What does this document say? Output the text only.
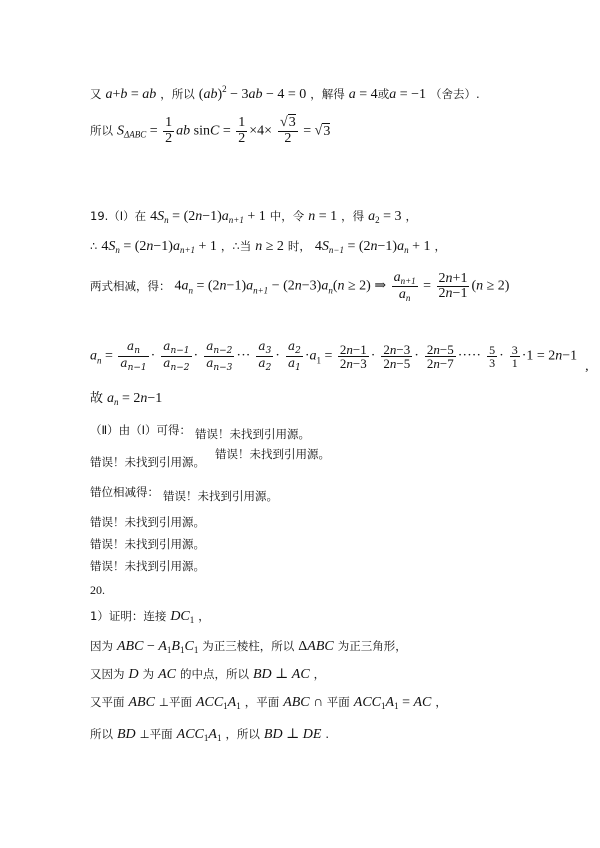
又 a+b = ab ，所以 (ab)$^2$ − 3ab − 4 = 0 ，解得 a = 4或a = −1 （舍去）.
所以 $S_{\Delta ABC} = \frac{1}{2}$ ab $\sin C = \frac{1}{2} \times 4\times \frac{√3}{2} = √3$
19.（Ⅰ）在 $4S_n = (2n-1)a_{n+1} + 1$ 中，令 n = 1 ，得 $a_2 = 3$ ，
∴ $4S_n = (2n-1)a_{n+1} + 1$ ，∴当 n ≥ 2 时， $4S_{n-1} = (2n-1)a_n + 1$ ，
两式相减，得： $4a_n = (2n-1)a_{n+1} - (2n-3)a_n(n \ge 2)$ ⇒ $\frac{a_{n+1}}{a_n} = \frac{2n+1}{2n-1} (n \ge 2)$
$a_n = \frac{a_n}{a_{n-1}} \cdot \frac{a_{n-1}}{a_{n-2}} \cdot \frac{a_{n-2}}{a_{n-3}}$ ··· $\frac{a_3}{a_2} \cdot \frac{a_2}{a_1} \cdot a_1 = \frac{2n-1}{2n-3} \cdot \frac{2n-3}{2n-5} \cdot \frac{2n-5}{2n-7}$ ····· $\frac{5}{3} \cdot \frac{3}{1} \cdot 1 = 2n-1$ ,
故 $a_n = 2n-1$
（Ⅱ）由（Ⅰ）可得： 错误！未找到引用源。
错误！未找到引用源。 错误！未找到引用源。
错位相减得： 错误！未找到引用源。
错误！未找到引用源。
错误！未找到引用源。
错误！未找到引用源。
20.
1）证明：连接 $DC_1$ ，
因为 ABC − $A_1B_1C_1$ 为正三棱柱，所以 ΔABC 为正三角形，
又因为 D 为 AC 的中点，所以 BD ⊥ AC ，
又平面 ABC ⊥平面 $ACC_1A_1$ ，平面 ABC ∩ 平面 $ACC_1A_1$ = AC ，
所以 BD ⊥平面 $ACC_1A_1$ ，所以 BD ⊥ DE .
